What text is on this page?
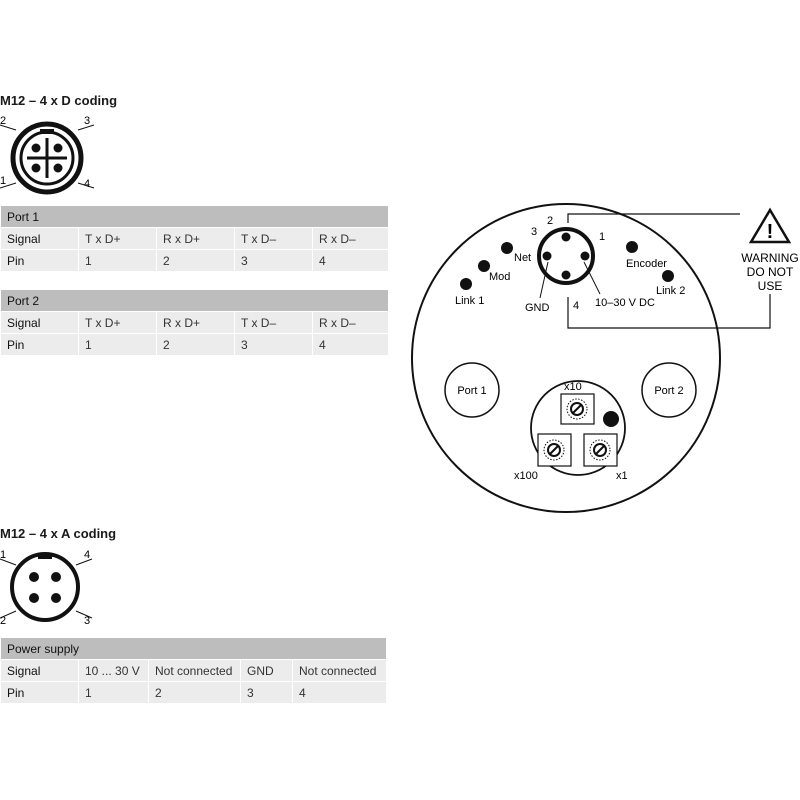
M12 – 4 x D coding
1
2	3
4
Port 1				
Signal	T x D+	R x D+	T x D–	R x D–
Pin	1	2	3	4
Port 2				
Signal	T x D+	R x D+	T x D–	R x D–
Pin	1	2	3	4
M12 – 4 x A coding
1
2	3
4
Power supply				
Signal	10 ... 30 V	Not connected	GND	Not connected
Pin	1	2	3	4
!
WARNING
DO NOT
USE
2
3	1
4
GND	10–30 V DC
Link 1
Mod
Net	Encoder
Link 2
Port 1	Port 2
x10
x100	x1
